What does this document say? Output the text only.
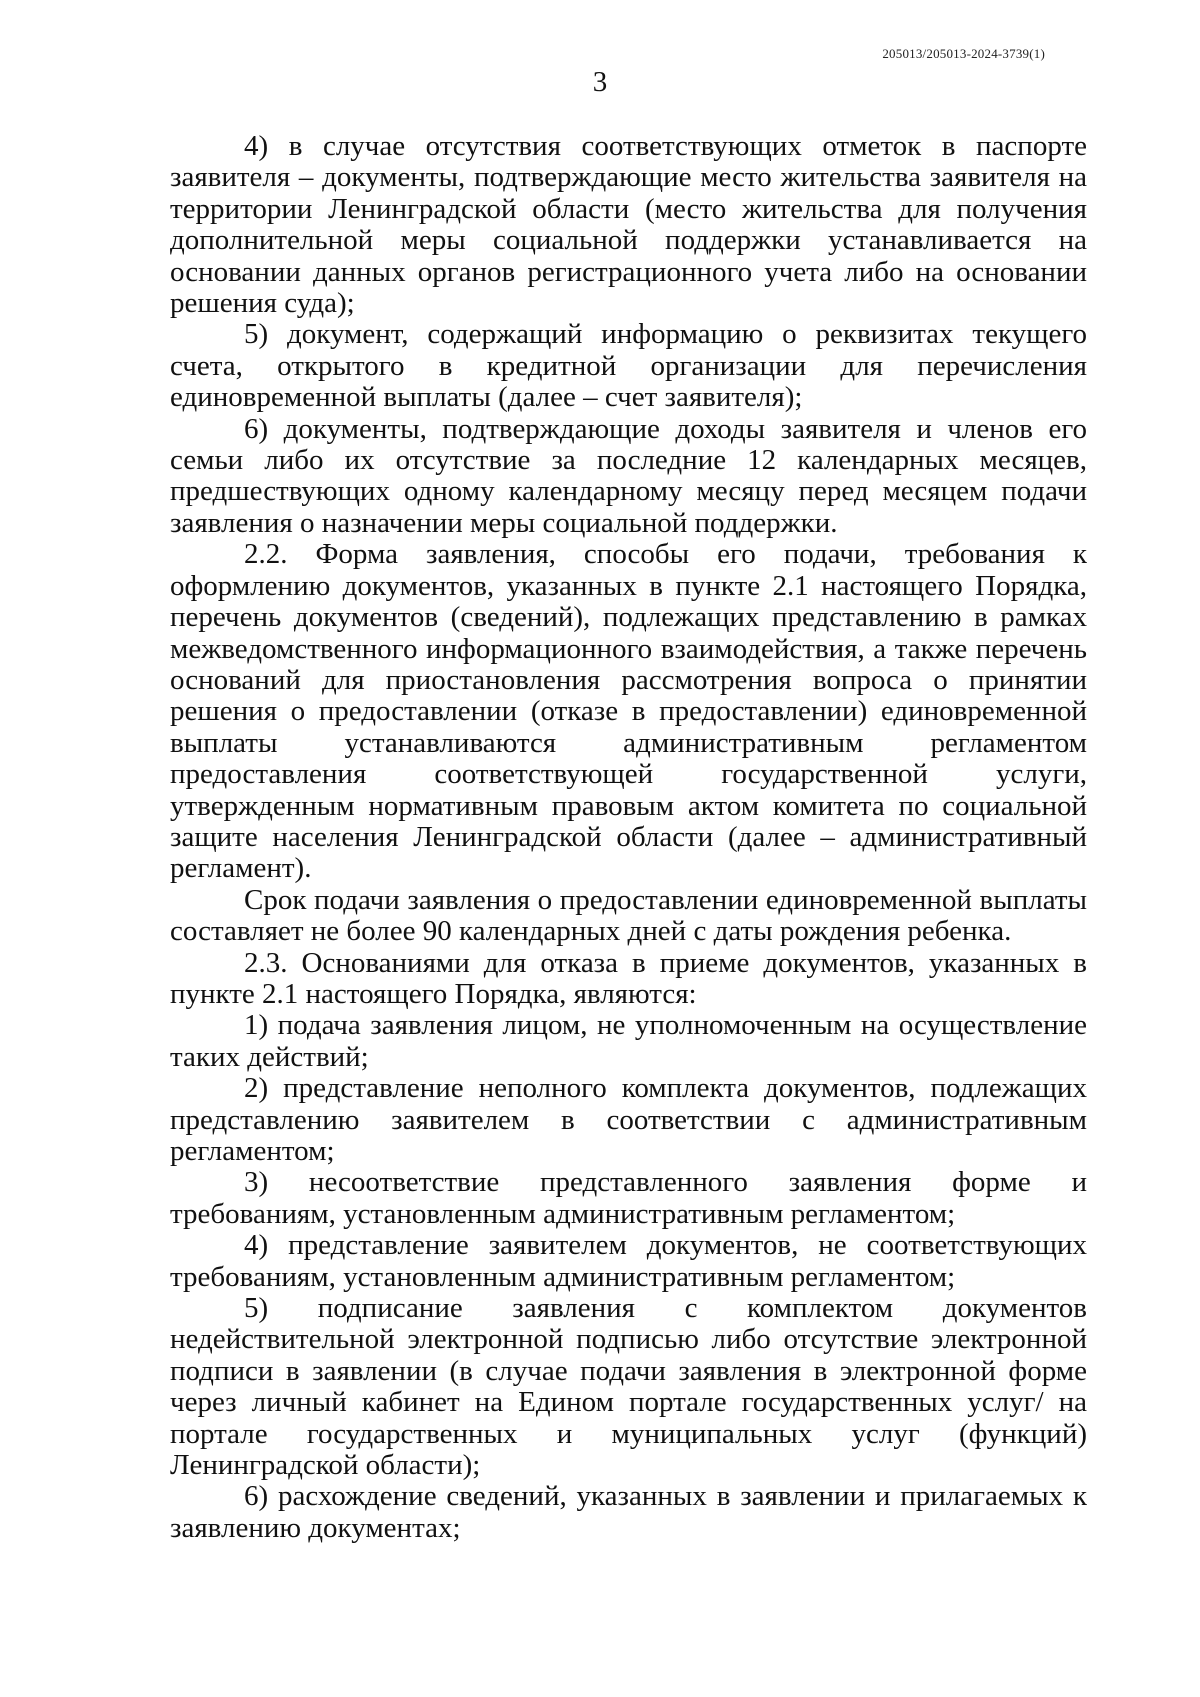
205013/205013-2024-3739(1)
3

4) в случае отсутствия соответствующих отметок в паспорте заявителя – документы, подтверждающие место жительства заявителя на территории Ленинградской области (место жительства для получения дополнительной меры социальной поддержки устанавливается на основании данных органов регистрационного учета либо на основании решения суда);

5) документ, содержащий информацию о реквизитах текущего счета, открытого в кредитной организации для перечисления единовременной выплаты (далее – счет заявителя);

6) документы, подтверждающие доходы заявителя и членов его семьи либо их отсутствие за последние 12 календарных месяцев, предшествующих одному календарному месяцу перед месяцем подачи заявления о назначении меры социальной поддержки.

2.2. Форма заявления, способы его подачи, требования к оформлению документов, указанных в пункте 2.1 настоящего Порядка, перечень документов (сведений), подлежащих представлению в рамках межведомственного информационного взаимодействия, а также перечень оснований для приостановления рассмотрения вопроса о принятии решения о предоставлении (отказе в предоставлении) единовременной выплаты устанавливаются административным регламентом предоставления соответствующей государственной услуги, утвержденным нормативным правовым актом комитета по социальной защите населения Ленинградской области (далее – административный регламент).

Срок подачи заявления о предоставлении единовременной выплаты составляет не более 90 календарных дней с даты рождения ребенка.

2.3. Основаниями для отказа в приеме документов, указанных в пункте 2.1 настоящего Порядка, являются:

1) подача заявления лицом, не уполномоченным на осуществление таких действий;

2) представление неполного комплекта документов, подлежащих представлению заявителем в соответствии с административным регламентом;

3) несоответствие представленного заявления форме и требованиям, установленным административным регламентом;

4) представление заявителем документов, не соответствующих требованиям, установленным административным регламентом;

5) подписание заявления с комплектом документов недействительной электронной подписью либо отсутствие электронной подписи в заявлении (в случае подачи заявления в электронной форме через личный кабинет на Едином портале государственных услуг/ на портале государственных и муниципальных услуг (функций) Ленинградской области);

6) расхождение сведений, указанных в заявлении и прилагаемых к заявлению документах;
